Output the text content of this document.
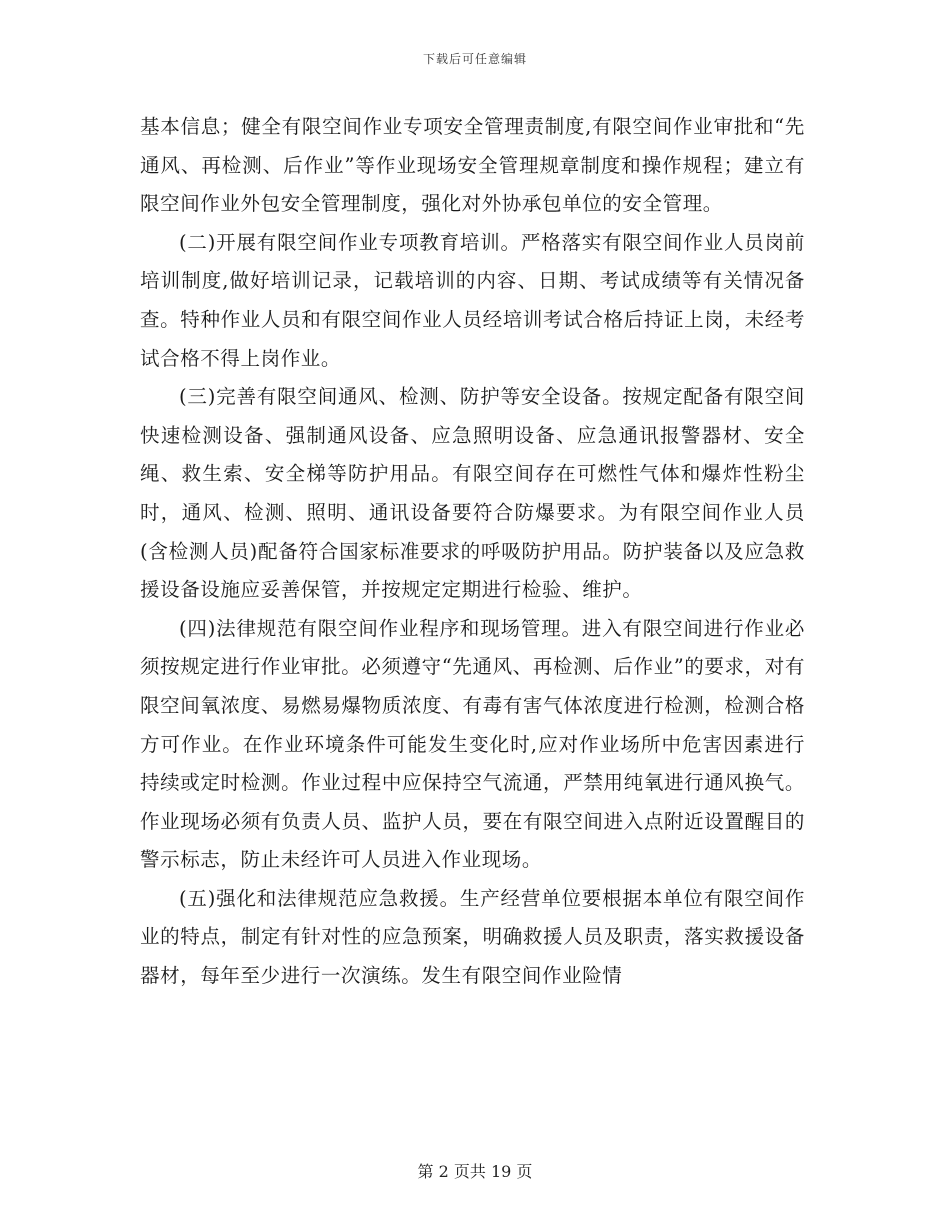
下载后可任意编辑

基本信息；健全有限空间作业专项安全管理责制度,有限空间作业审批和“先通风、再检测、后作业”等作业现场安全管理规章制度和操作规程；建立有限空间作业外包安全管理制度，强化对外协承包单位的安全管理。

(二)开展有限空间作业专项教育培训。严格落实有限空间作业人员岗前培训制度,做好培训记录，记载培训的内容、日期、考试成绩等有关情况备查。特种作业人员和有限空间作业人员经培训考试合格后持证上岗，未经考试合格不得上岗作业。

(三)完善有限空间通风、检测、防护等安全设备。按规定配备有限空间快速检测设备、强制通风设备、应急照明设备、应急通讯报警器材、安全绳、救生索、安全梯等防护用品。有限空间存在可燃性气体和爆炸性粉尘时，通风、检测、照明、通讯设备要符合防爆要求。为有限空间作业人员(含检测人员)配备符合国家标准要求的呼吸防护用品。防护装备以及应急救援设备设施应妥善保管，并按规定定期进行检验、维护。

(四)法律规范有限空间作业程序和现场管理。进入有限空间进行作业必须按规定进行作业审批。必须遵守“先通风、再检测、后作业”的要求，对有限空间氧浓度、易燃易爆物质浓度、有毒有害气体浓度进行检测，检测合格方可作业。在作业环境条件可能发生变化时,应对作业场所中危害因素进行持续或定时检测。作业过程中应保持空气流通，严禁用纯氧进行通风换气。作业现场必须有负责人员、监护人员，要在有限空间进入点附近设置醒目的警示标志，防止未经许可人员进入作业现场。

(五)强化和法律规范应急救援。生产经营单位要根据本单位有限空间作业的特点，制定有针对性的应急预案，明确救援人员及职责，落实救援设备器材，每年至少进行一次演练。发生有限空间作业险情

第 2 页共 19 页
